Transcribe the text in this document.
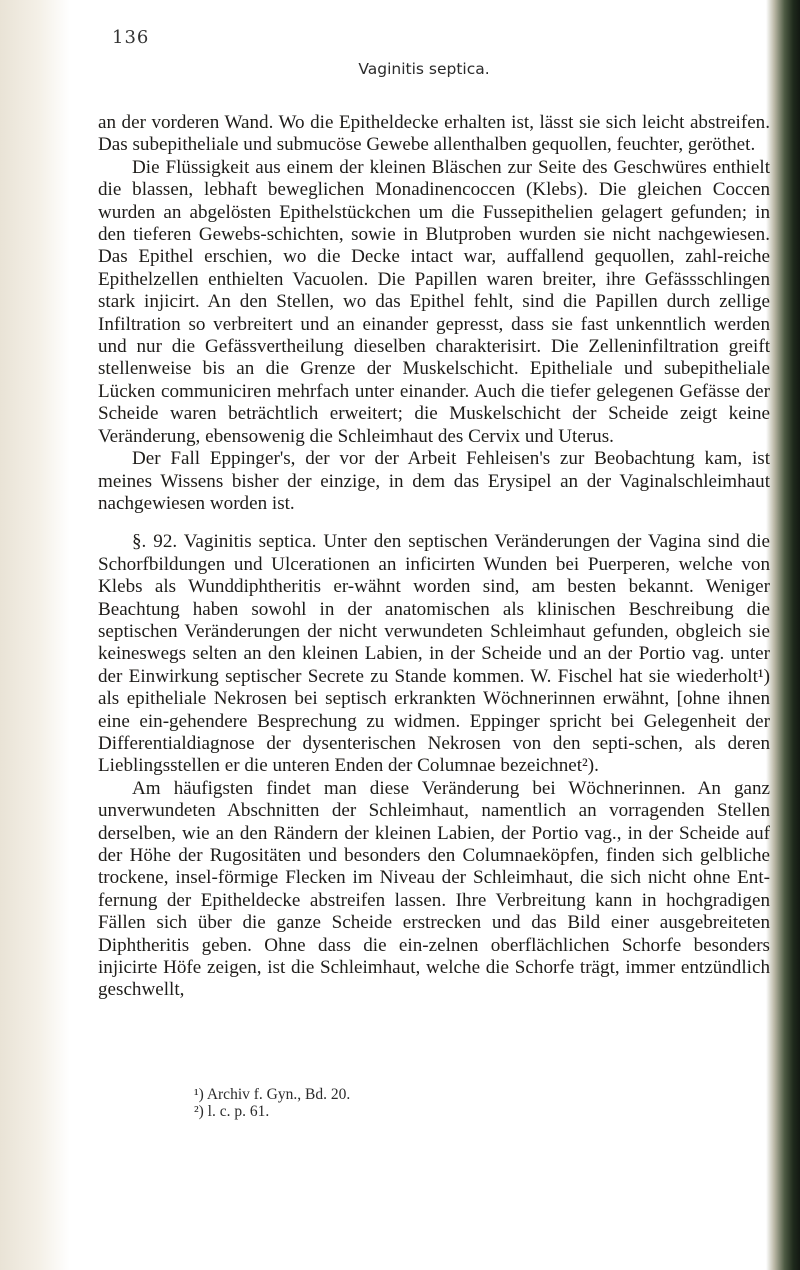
136
Vaginitis septica.

an der vorderen Wand. Wo die Epitheldecke erhalten ist, lässt sie sich leicht abstreifen. Das subepitheliale und submucöse Gewebe allenthalben gequollen, feuchter, geröthet.

Die Flüssigkeit aus einem der kleinen Bläschen zur Seite des Geschwüres enthielt die blassen, lebhaft beweglichen Monadinencoccen (Klebs). Die gleichen Coccen wurden an abgelösten Epithelstückchen um die Fussepithelien gelagert gefunden; in den tieferen Gewebs-schichten, sowie in Blutproben wurden sie nicht nachgewiesen. Das Epithel erschien, wo die Decke intact war, auffallend gequollen, zahl-reiche Epithelzellen enthielten Vacuolen. Die Papillen waren breiter, ihre Gefässschlingen stark injicirt. An den Stellen, wo das Epithel fehlt, sind die Papillen durch zellige Infiltration so verbreitert und an einander gepresst, dass sie fast unkenntlich werden und nur die Gefässvertheilung dieselben charakterisirt. Die Zelleninfiltration greift stellenweise bis an die Grenze der Muskelschicht. Epitheliale und subepitheliale Lücken communiciren mehrfach unter einander. Auch die tiefer gelegenen Gefässe der Scheide waren beträchtlich erweitert; die Muskelschicht der Scheide zeigt keine Veränderung, ebensowenig die Schleimhaut des Cervix und Uterus.

Der Fall Eppinger's, der vor der Arbeit Fehleisen's zur Beobachtung kam, ist meines Wissens bisher der einzige, in dem das Erysipel an der Vaginalschleimhaut nachgewiesen worden ist.

§. 92. Vaginitis septica. Unter den septischen Veränderungen der Vagina sind die Schorfbildungen und Ulcerationen an inficirten Wunden bei Puerperen, welche von Klebs als Wunddiphtheritis er-wähnt worden sind, am besten bekannt. Weniger Beachtung haben sowohl in der anatomischen als klinischen Beschreibung die septischen Veränderungen der nicht verwundeten Schleimhaut gefunden, obgleich sie keineswegs selten an den kleinen Labien, in der Scheide und an der Portio vag. unter der Einwirkung septischer Secrete zu Stande kommen. W. Fischel hat sie wiederholt¹) als epitheliale Nekrosen bei septisch erkrankten Wöchnerinnen erwähnt, [ohne ihnen eine ein-gehendere Besprechung zu widmen. Eppinger spricht bei Gelegenheit der Differentialdiagnose der dysenterischen Nekrosen von den septi-schen, als deren Lieblingsstellen er die unteren Enden der Columnae bezeichnet²).

Am häufigsten findet man diese Veränderung bei Wöchnerinnen. An ganz unverwundeten Abschnitten der Schleimhaut, namentlich an vorragenden Stellen derselben, wie an den Rändern der kleinen Labien, der Portio vag., in der Scheide auf der Höhe der Rugositäten und besonders den Columnaeköpfen, finden sich gelbliche trockene, insel-förmige Flecken im Niveau der Schleimhaut, die sich nicht ohne Ent-fernung der Epitheldecke abstreifen lassen. Ihre Verbreitung kann in hochgradigen Fällen sich über die ganze Scheide erstrecken und das Bild einer ausgebreiteten Diphtheritis geben. Ohne dass die ein-zelnen oberflächlichen Schorfe besonders injicirte Höfe zeigen, ist die Schleimhaut, welche die Schorfe trägt, immer entzündlich geschwellt,

¹) Archiv f. Gyn., Bd. 20.
²) l. c. p. 61.
